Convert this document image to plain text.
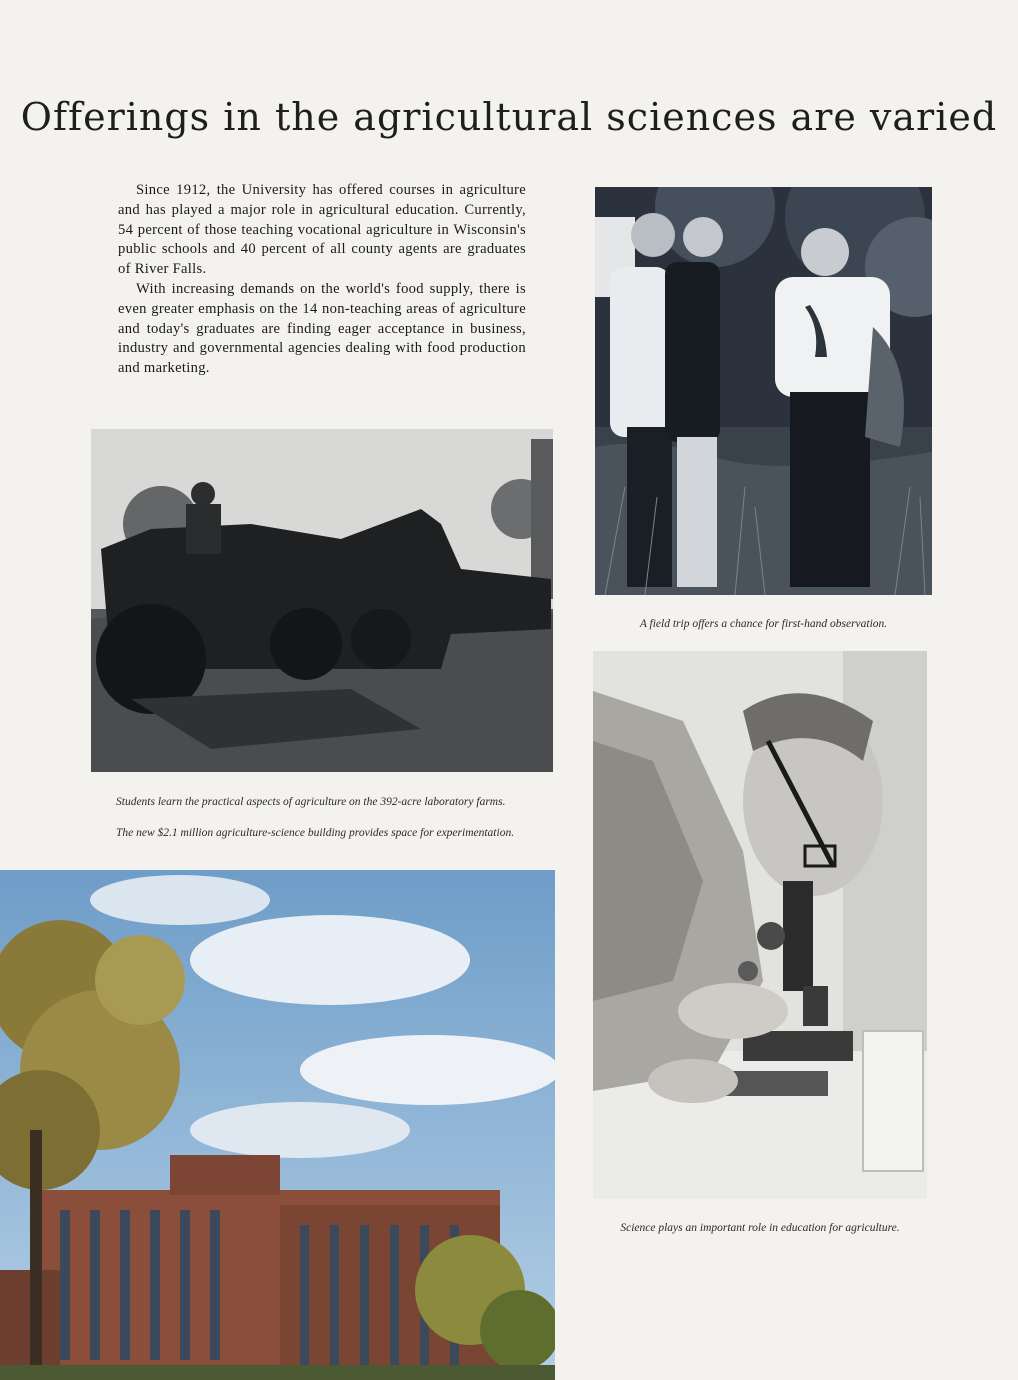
Offerings in the agricultural sciences are varied

Since 1912, the University has offered courses in agriculture and has played a major role in agricultural education. Currently, 54 percent of those teaching vocational agriculture in Wisconsin's public schools and 40 percent of all county agents are graduates of River Falls.

With increasing demands on the world's food supply, there is even greater emphasis on the 14 non-teaching areas of agriculture and today's graduates are finding eager acceptance in business, industry and governmental agencies dealing with food production and marketing.

A field trip offers a chance for first-hand observation.

Students learn the practical aspects of agriculture on the 392-acre laboratory farms.

The new $2.1 million agriculture-science building provides space for experimentation.

Science plays an important role in education for agriculture.
